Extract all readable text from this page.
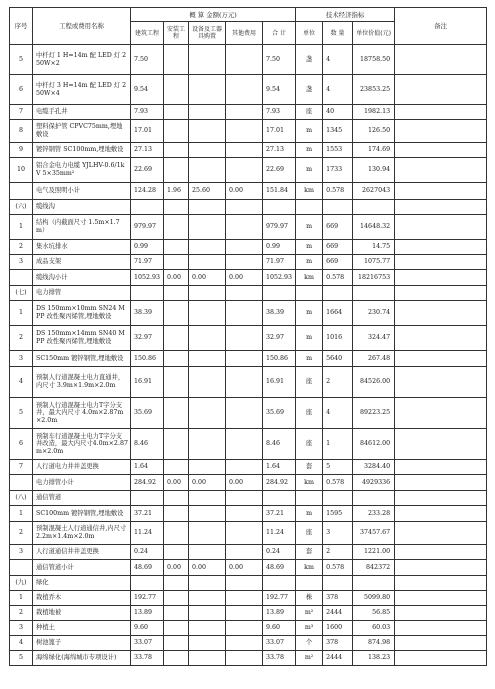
序号	工程或费用名称	概 算 金额(万元)					技术经济指标			备注
		建筑工程	安装工程	设备及工器具购置	其他费用	合 计	单位	数 量	单位价值(元)	
5	中杆灯 1 H=14m 配 LED 灯 250W×2	7.50				7.50	盏	4	18758.50	
6	中杆灯 3 H=14m 配 LED 灯 250W×4	9.54				9.54	盏	4	23853.25	
7	电缆手孔井	7.93				7.93	座	40	1982.13	
8	塑料保护管 CPVC75mm,埋地敷设	17.01				17.01	m	1345	126.50	
9	镀锌钢管 SC100mm,埋地敷设	27.13				27.13	m	1553	174.69	
10	铝合金电力电缆 YJLHV-0.6/1kV 5×35mm²	22.69				22.69	m	1733	130.94	
	电气及照明小计	124.28	1.96	25.60	0.00	151.84	km	0.578	2627043	
(六)	缆线沟									
1	结构（内截面尺寸 1.5m×1.7m）	979.97				979.97	m	669	14648.32	
2	集水坑排水	0.99				0.99	m	669	14.75	
3	成品支架	71.97				71.97	m	669	1075.77	
	缆线沟小计	1052.93	0.00	0.00	0.00	1052.93	km	0.578	18216753	
(七)	电力排管									
1	DS 150mm×10mm SN24 MPP 改性聚丙烯管,埋地敷设	38.39				38.39	m	1664	230.74	
2	DS 150mm×14mm SN40 MPP 改性聚丙烯管,埋地敷设	32.97				32.97	m	1016	324.47	
3	SC150mm 镀锌钢管,埋地敷设	150.86				150.86	m	5640	267.48	
4	预制人行道混凝土电力直通井，内尺寸 3.9m×1.9m×2.0m	16.91				16.91	座	2	84526.00	
5	预制人行道混凝土电力T字分支井，最大内尺寸 4.0m×2.87m×2.0m	35.69				35.69	座	4	89223.25	
6	预制车行道混凝土电力T字分支井改造，最大内尺寸4.0m×2.87m×2.0m	8.46				8.46	座	1	84612.00	
7	人行道电力井井盖更换	1.64				1.64	套	5	3284.40	
	电力排管小计	284.92	0.00	0.00	0.00	284.92	km	0.578	4929336	
(八)	通信管道									
1	SC100mm 镀锌钢管,埋地敷设	37.21				37.21	m	1595	233.28	
2	预制混凝土人行道通信井,内尺寸 2.2m×1.4m×2.0m	11.24				11.24	座	3	37457.67	
3	人行道通信井井盖更换	0.24				0.24	套	2	1221.00	
	通信管道小计	48.69	0.00	0.00	0.00	48.69	km	0.578	842372	
(九)	绿化									
1	栽植乔木	192.77				192.77	株	378	5099.80	
2	栽植地被	13.89				13.89	m²	2444	56.85	
3	种植土	9.60				9.60	m³	1600	60.03	
4	树池篦子	33.07				33.07	个	378	874.98	
5	海绵绿化(海绵城市专项设计)	33.78				33.78	m²	2444	138.23	
